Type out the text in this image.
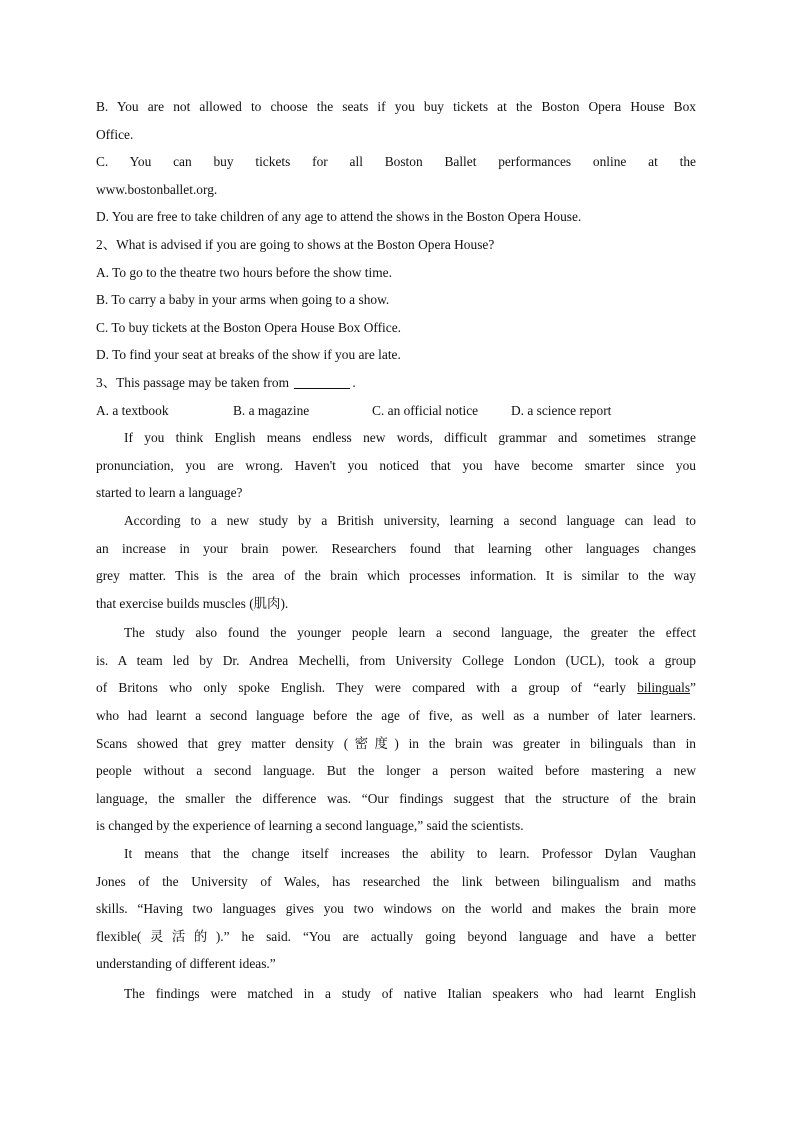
B. You are not allowed to choose the seats if you buy tickets at the Boston Opera House Box

Office.

C. You can buy tickets for all Boston Ballet performances online at the

www.bostonballet.org.

D. You are free to take children of any age to attend the shows in the Boston Opera House.

2、What is advised if you are going to shows at the Boston Opera House?

A. To go to the theatre two hours before the show time.

B. To carry a baby in your arms when going to a show.

C. To buy tickets at the Boston Opera House Box Office.

D. To find your seat at breaks of the show if you are late.

3、This passage may be taken from	.

A. a textbook	B. a magazine	C. an official notice	D. a science report

If you think English means endless new words, difficult grammar and sometimes strange

pronunciation, you are wrong. Haven't you noticed that you have become smarter since you

started to learn a language?

According to a new study by a British university, learning a second language can lead to

an increase in your brain power. Researchers found that learning other languages changes

grey matter. This is the area of the brain which processes information. It is similar to the way

that exercise builds muscles (肌肉).

The study also found the younger people learn a second language, the greater the effect

is. A team led by Dr. Andrea Mechelli, from University College London (UCL), took a group

of Britons who only spoke English. They were compared with a group of “early bilinguals”

who had learnt a second language before the age of five, as well as a number of later learners.

Scans showed that grey matter density (密度) in the brain was greater in bilinguals than in

people without a second language. But the longer a person waited before mastering a new

language, the smaller the difference was. “Our findings suggest that the structure of the brain

is changed by the experience of learning a second language,” said the scientists.

It means that the change itself increases the ability to learn. Professor Dylan Vaughan

Jones of the University of Wales, has researched the link between bilingualism and maths

skills. “Having two languages gives you two windows on the world and makes the brain more

flexible(灵活的).” he said. “You are actually going beyond language and have a better

understanding of different ideas.”

The findings were matched in a study of native Italian speakers who had learnt English
